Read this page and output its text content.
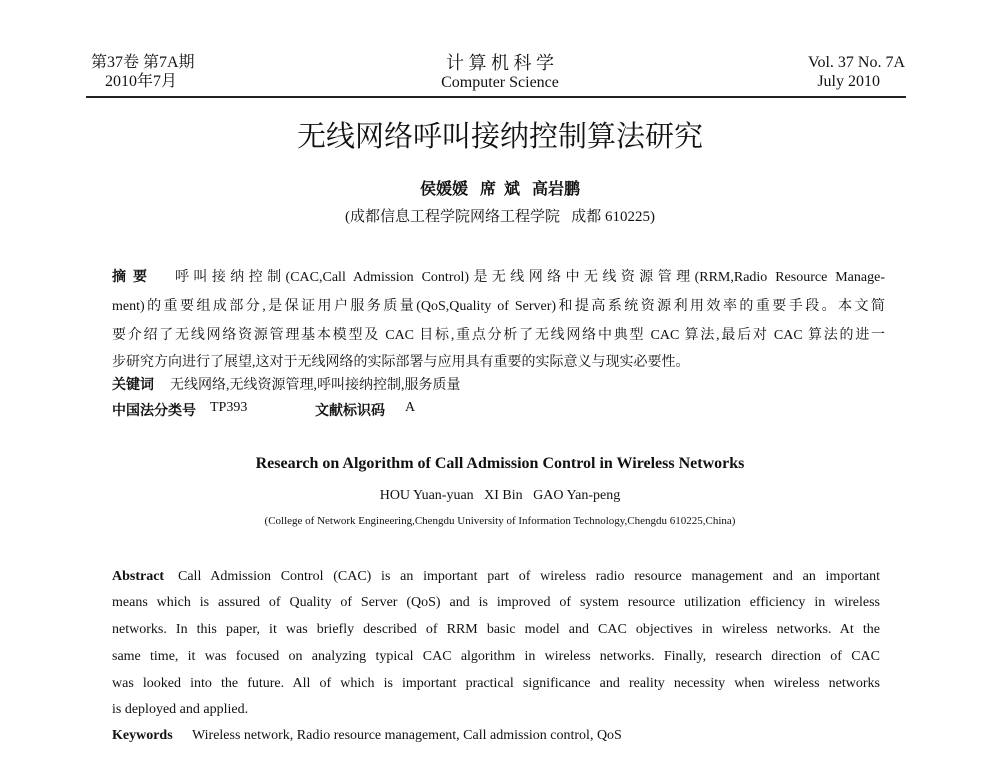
第37卷 第7A期
2010年7月
计 算 机 科 学
Computer Science
Vol. 37 No. 7A
July 2010
无线网络呼叫接纳控制算法研究
侯媛媛   席  斌   高岩鹏
(成都信息工程学院网络工程学院   成都 610225)
摘  要 呼叫接纳控制(CAC,Call Admission Control)是无线网络中无线资源管理(RRM,Radio Resource Manage-
ment)的重要组成部分,是保证用户服务质量(QoS,Quality of Server)和提高系统资源利用效率的重要手段。本文简
要介绍了无线网络资源管理基本模型及 CAC 目标,重点分析了无线网络中典型 CAC 算法,最后对 CAC 算法的进一
步研究方向进行了展望,这对于无线网络的实际部署与应用具有重要的实际意义与现实必要性。
关键词 无线网络,无线资源管理,呼叫接纳控制,服务质量
中国法分类号 TP393	文献标识码 A
Research on Algorithm of Call Admission Control in Wireless Networks
HOU Yuan-yuan   XI Bin   GAO Yan-peng
(College of Network Engineering,Chengdu University of Information Technology,Chengdu 610225,China)
Abstract Call Admission Control (CAC) is an important part of wireless radio resource management and an important
means which is assured of Quality of Server (QoS) and is improved of system resource utilization efficiency in wireless
networks. In this paper, it was briefly described of RRM basic model and CAC objectives in wireless networks. At the
same time, it was focused on analyzing typical CAC algorithm in wireless networks. Finally, research direction of CAC
was looked into the future. All of which is important practical significance and reality necessity when wireless networks
is deployed and applied.
Keywords Wireless network, Radio resource management, Call admission control, QoS
